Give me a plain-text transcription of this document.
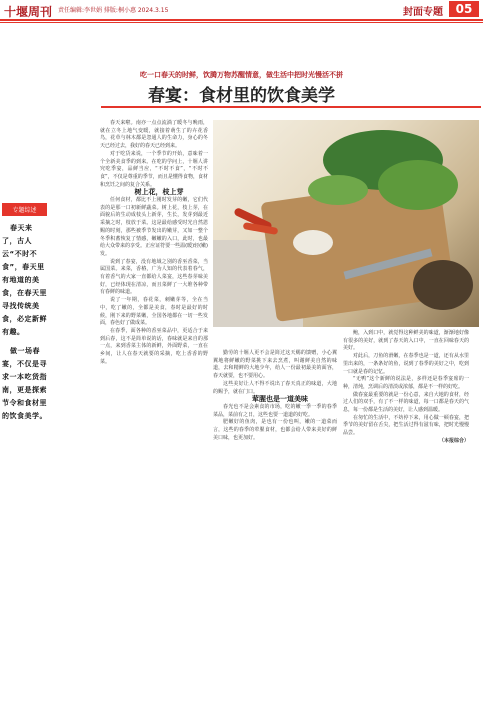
十堰周刊 责任编辑:李世娟 排版:桐小惠 2024.3.15	封面专题	05
吃一口春天的时鲜，饮腾万物苏醒情意，做生活中把时光慢活不拼
春宴：食材里的饮食美学
专题综述

春天来了，古人云“不时不食”，春天里有地道的美食，在春天里寻找传统美食，必定新鲜有趣。

做一场春宴，不仅是寻求一本吃货指南，更是探索节令和食材里的饮食美学。

春天来啦。南亦一点点流淌了暖冬与晚雨，就在立冬上地气变暖，就接着萌生了的卉花香鸟，花草与林木都是忽通人的生命力，身心的冬天已经过去，我好的春天已经到来。

对于吃货来说，一个季节的开始，意味着一个全新美食季的到来。在吃的学问上，十堰人讲究吃季宴，品鲜当应，“不时不食”，“不时不食”，不仅是尊重的季节，而且是懂得食物，食材和烹饪之间的复合关系。

树上花，枝上芽

任何食材，都比不上刚时发芽的嫩，它们代表的是那一口初新鲜蔬菜。树上花，枝上芽，在面貌后的生动成枝头上新芽，生长，发芽到最近采摘之时，枝放于菜。这是最给感受时光自然恩赐的时刻，那些被季节发出的嫩芽，又如一整个冬季积蓄恢复了情感，嫩嫩的入口，此时，也最给大众带来的享受。正应证符要一些温(暖)轻(嫩)发。

说到了春宴，没有地域之别的香巫香菜，当属国菜。来菜，香椿，广为人知的代表着春气，有着香气的大家一直都给人菜宴，这些春芽味美好，已经体现在清凉，而且菜鲜了一大堆各种带有春鲜的味道。

说了一年期，春花菜，刺嫩芽等，全在当中，吃了嫩的，全都是美食，春时是最好的时候，刚下来的野菜嫩，全国各地都在一切一些发面，春色好了做成菜。

在春季，面各种的香巫菜品中，更适合于来到后春，这不是简单说的话，春味就是来自的那一点，来到香菜主体的新鲜，外面野菜，一直在乡间，让人在春天就要的采摘，吃上香香的野菜。

勤劳的十堰人更不会是简过这天赐的馈赠，小心翼翼地将鲜嫩的野菜挑下来去烹煮，叫谢鲜美自然的味道，去和精鲜的大地少年，给人一份最初最美的面容，春天就要，也不要用心。

这些美好让人不得不说出了春天真正的味道，大地的赐予，就在门口。

荤腥也是一道美味

春光也不是会素食的市场，吃的嫩一季一季的春季菜品，菜前有之日，这些也要一道道的好吃。

肥嫩好的鱼肉，是也有一份也叫，嫩的一道菜而言，这些的春季的荤腥食材，也都会给人带来美好的鲜美口味，也更加好。

鲍，入到口中，就觉得这种鲜美的味道，渐渐地好像有很多的美好，就到了春天的入口中，一直在回味春天的美好。

对此后，刀鱼的滑嫩，在春季也是一道，还有从水里里出来的，一条条好的鱼，说到了春季的美好之中，吃到一口就是春的记忆。

“无鸭”这个新鲜的说法是，多样还是春季宴席的一种，清炖，烹调后的清淡或浓郁，都是不一样的好吃。

做春宴最重要的就是一份心意，来自大地的食材，经过人们的双手，有了不一样的味道，每一口都是春天的气息，每一份都是生活的美好，让人感到温暖。

在匆忙的生活中，不妨停下来，用心做一顿春宴，把季节的美好留在舌尖，把生活过得有滋有味，把时光慢慢品尝。

（本报综合）
